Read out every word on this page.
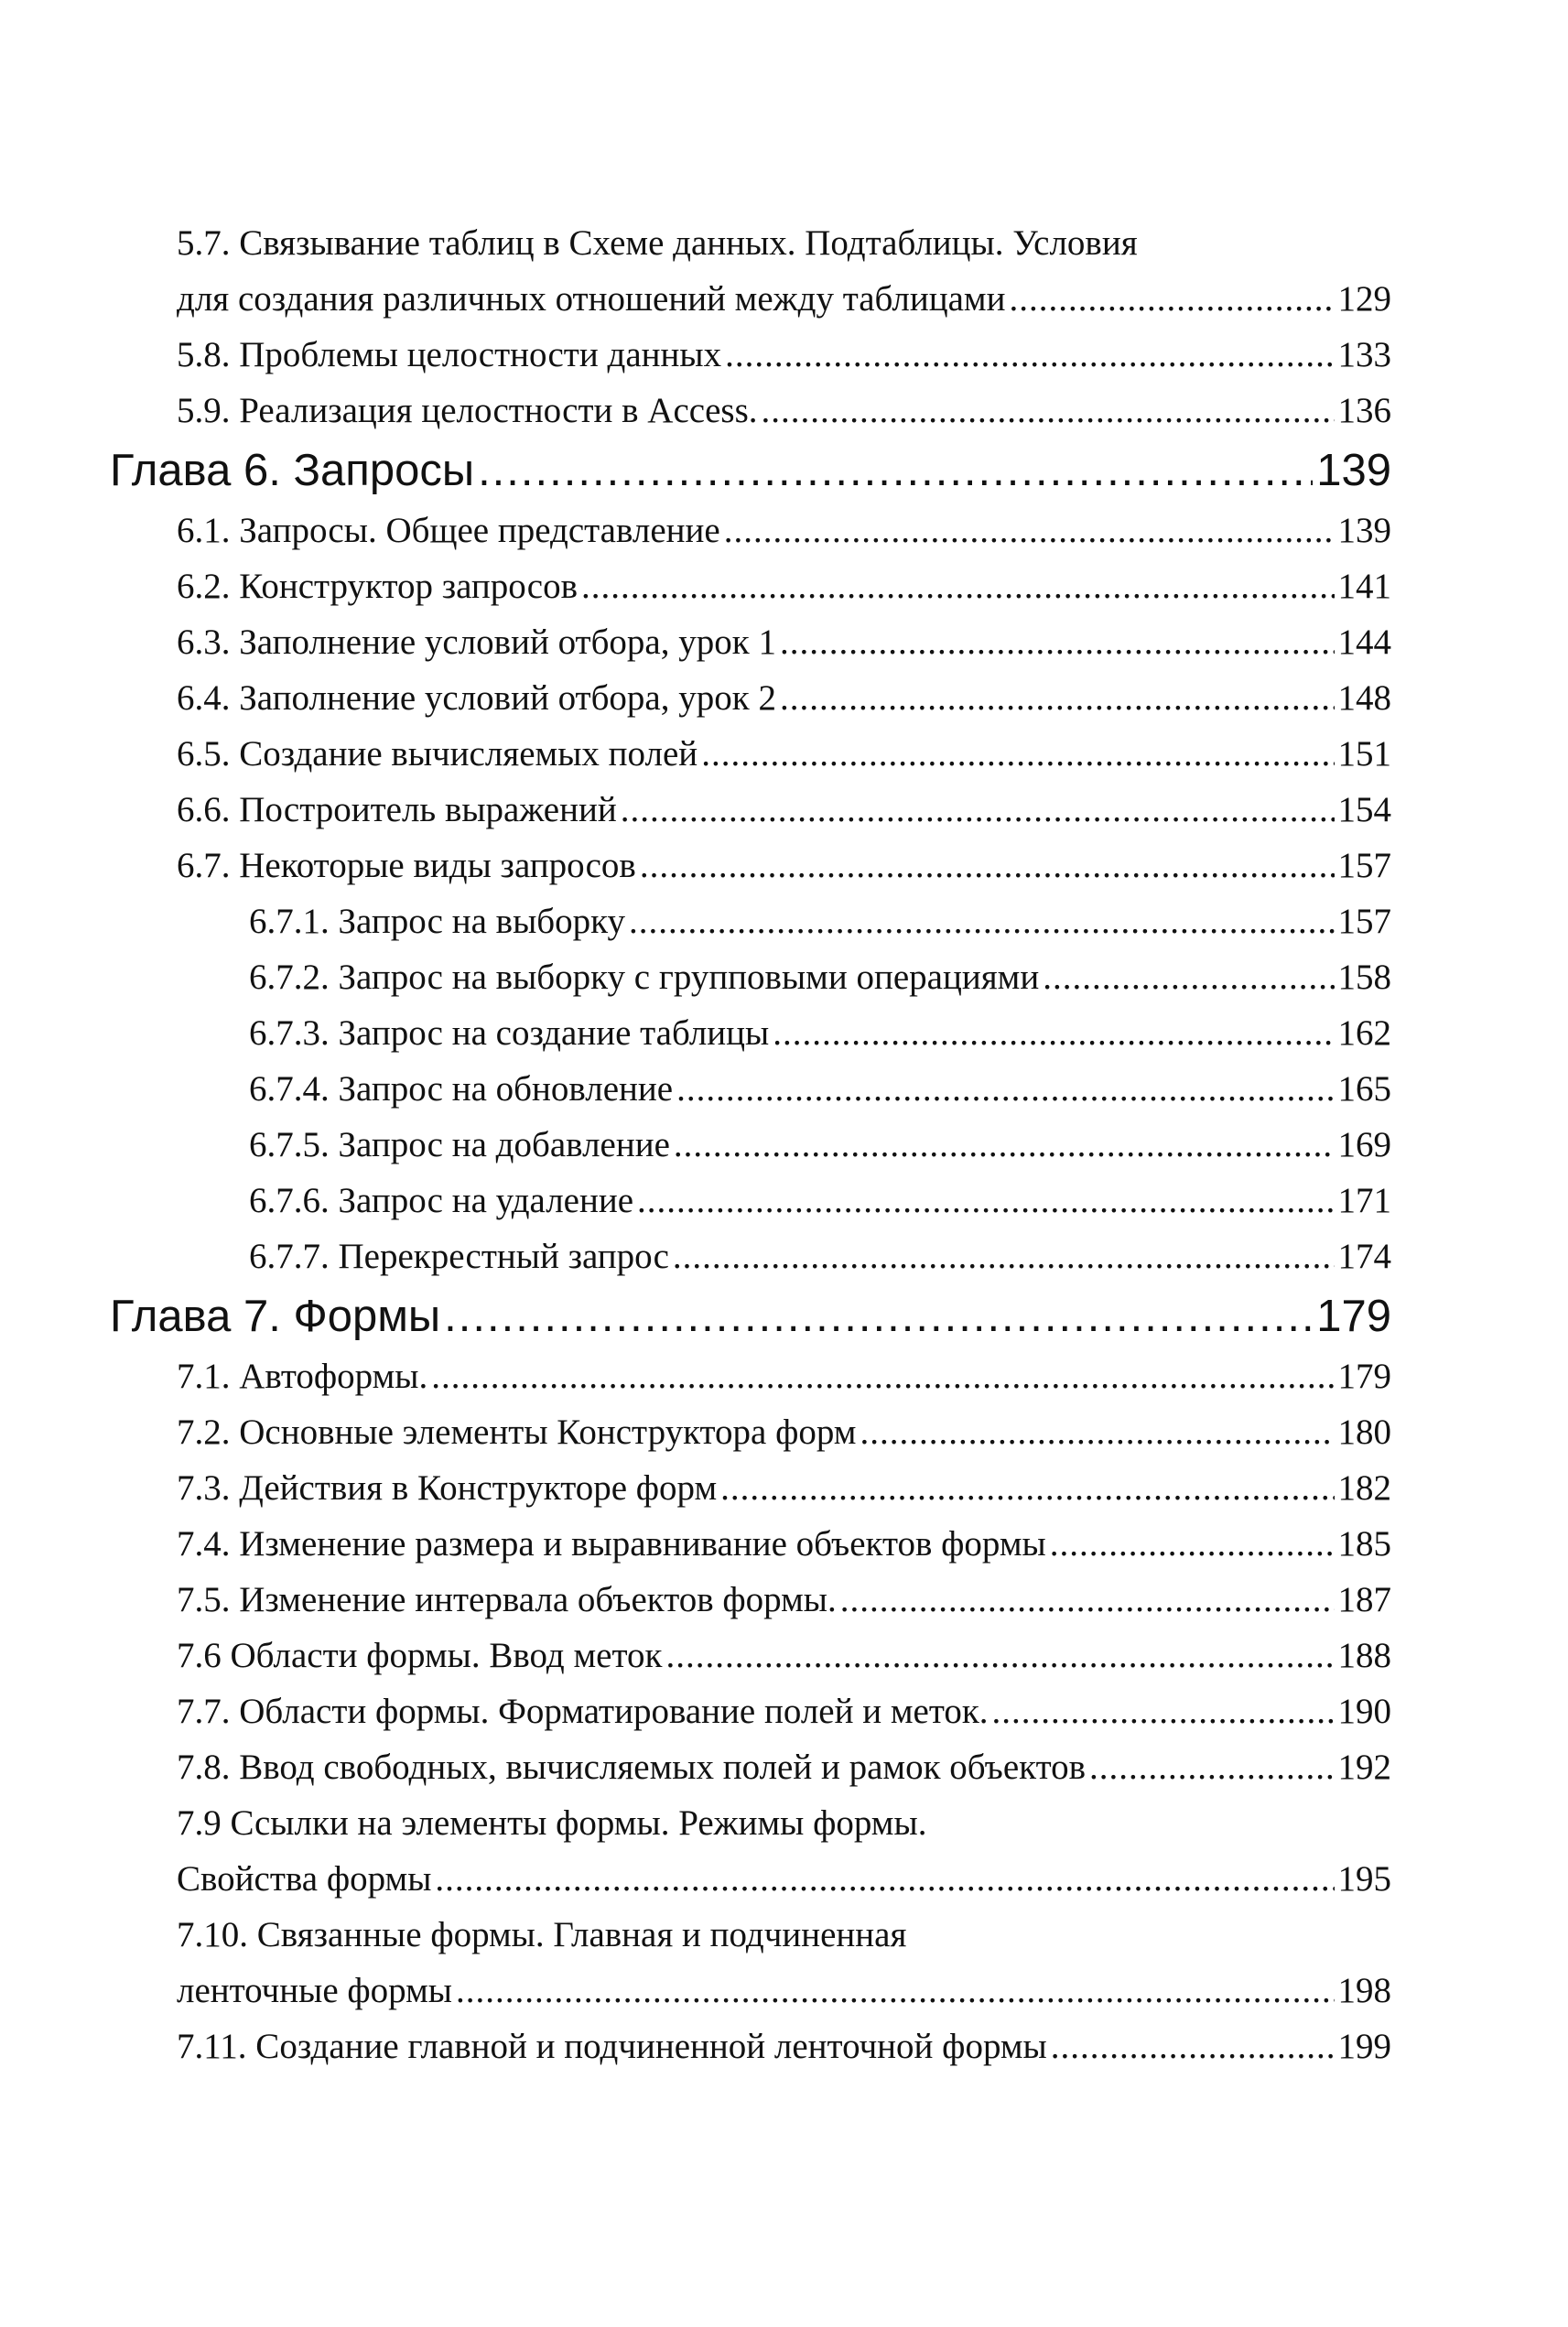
5.7. Связывание таблиц в Схеме данных. Подтаблицы. Условия
для создания различных отношений между таблицами .....	129
5.8. Проблемы целостности данных .....	133
5.9. Реализация целостности в Access. .....	136
Глава 6. Запросы .....	139
6.1. Запросы. Общее представление .....	139
6.2. Конструктор запросов .....	141
6.3. Заполнение условий отбора, урок 1 .....	144
6.4. Заполнение условий отбора, урок 2 .....	148
6.5. Создание вычисляемых полей .....	151
6.6. Построитель выражений .....	154
6.7. Некоторые виды запросов .....	157
6.7.1. Запрос на выборку .....	157
6.7.2. Запрос на выборку с групповыми операциями .....	158
6.7.3. Запрос на создание таблицы .....	162
6.7.4. Запрос на обновление .....	165
6.7.5. Запрос на добавление .....	169
6.7.6. Запрос на удаление .....	171
6.7.7. Перекрестный запрос .....	174
Глава 7. Формы .....	179
7.1. Автоформы. .....	179
7.2. Основные элементы Конструктора форм .....	180
7.3. Действия в Конструкторе форм .....	182
7.4. Изменение размера и выравнивание объектов формы .....	185
7.5. Изменение интервала объектов формы. .....	187
7.6 Области формы. Ввод меток .....	188
7.7. Области формы. Форматирование полей и меток. .....	190
7.8. Ввод свободных, вычисляемых полей и рамок объектов .....	192
7.9 Ссылки на элементы формы. Режимы формы.
Свойства формы .....	195
7.10. Связанные формы. Главная и подчиненная
ленточные формы .....	198
7.11. Создание главной и подчиненной ленточной формы .....	199
